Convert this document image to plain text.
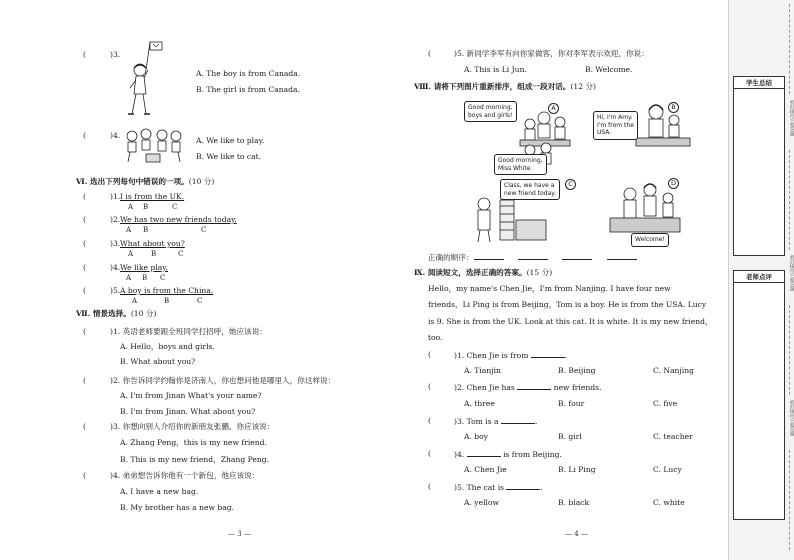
(	)3.
A. The boy is from Canada.
B. The girl is from Canada.
(	)4.
A. We like to play.
B. We like to cat.
Ⅵ. 选出下列每句中错误的一项。(10 分)
(	)1. I is from the UK.
A B	C
(	)2. We has two new friends today.
A B	C
(	)3. What about you?
A	B	C
(	)4. We like play.
A B C
(	)5. A boy is from the China.
A	B	C
Ⅶ. 情景选择。(10 分)
(	)1. 英语老师要跟全班同学打招呼，她应该说：
A. Hello，boys and girls.
B. What about you?
(	)2. 你告诉同学约翰你是济南人，你也想问他是哪里人，你这样说：
A. I'm from Jinan What's your name?
B. I'm from Jinan. What about you?
(	)3. 你想向别人介绍你的新朋友张鹏，你应该说：
A. Zhang Peng，this is my new friend.
B. This is my new friend，Zhang Peng.
(	)4. 弟弟想告诉你他有一个新包，他应该说：
A. I have a new bag.
B. My brother has a new bag.
— 3 —
(	)5. 新同学李军有向你家做客，你对李军表示欢迎，你说：
A. This is Li Jun.	B. Welcome.
Ⅷ. 请将下列图片重新排序，组成一段对话。(12 分)
Good morning,
boys and girls!	Hi, I'm Amy.
I'm from the
USA.
Good morning,
Miss White.
Class, we have a
new friend today.
Welcome!
A	B
C	D
正确的顺序：
Ⅸ. 阅读短文，选择正确的答案。(15 分)
Hello，my name's Chen Jie，I'm from Nanjing. I have four new
friends，Li Ping is from Beijing，Tom is a boy. He is from the USA. Lucy
is 9. She is from the UK. Look at this cat. It is white. It is my new friend，
too.
(	)1. Chen Jie is from	.
A. Tianjin	B. Beijing	C. Nanjing
(	)2. Chen Jie has	new friends.
A. three	B. four	C. five
(	)3. Tom is a	.
A. boy	B. girl	C. teacher
(	)4.	is from Beijing.
A. Chen Jie	B. Li Ping	C. Lucy
(	)5. The cat is	.
A. yellow	B. black	C. white
— 4 —
学生总结
老师点评
密封线内不要答题
密封线内不要答题
密封线内不要答题
